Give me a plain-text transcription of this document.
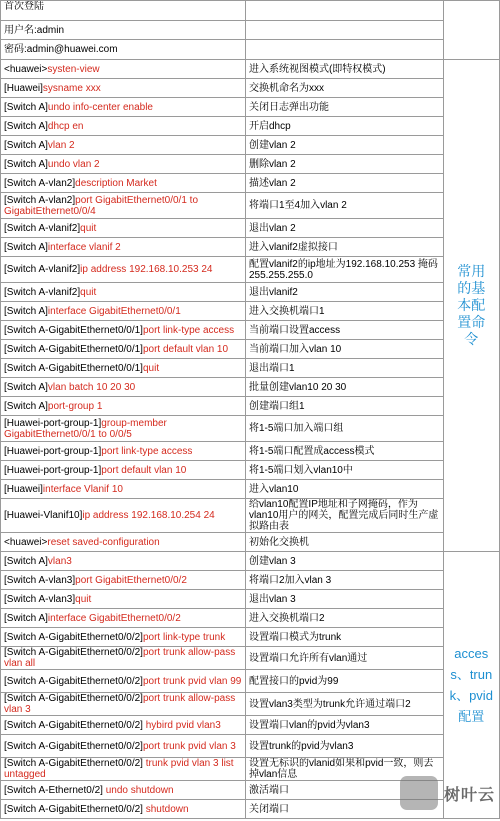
首次登陆		
用户名:admin		
密码:admin@huawei.com		
<huawei>systen-view	进入系统视图模式(即特权模式)	常用的基本配置命令

[Huawei]sysname xxx	交换机命名为xxx	
[Switch A]undo info-center enable	关闭日志弹出功能	
[Switch A]dhcp en	开启dhcp	
[Switch A]vlan 2	创建vlan 2	
[Switch A]undo vlan 2	删除vlan 2	
[Switch A-vlan2]description Market	描述vlan 2	
[Switch A-vlan2]port GigabitEthernet0/0/1 to GigabitEthernet0/0/4	将端口1至4加入vlan 2	
[Switch A-vlanif2]quit	退出vlan 2	
[Switch A]interface vlanif 2	进入vlanif2虚拟接口	
[Switch A-vlanif2]ip address 192.168.10.253 24	配置vlanif2的ip地址为192.168.10.253 掩码255.255.255.0	
[Switch A-vlanif2]quit	退出vlanif2	
[Switch A]interface GigabitEthernet0/0/1	进入交换机端口1	
[Switch A-GigabitEthernet0/0/1]port link-type access	当前端口设置access	
[Switch A-GigabitEthernet0/0/1]port default vlan 10	当前端口加入vlan 10	
[Switch A-GigabitEthernet0/0/1]quit	退出端口1	
[Switch A]vlan batch 10 20 30	批量创建vlan10 20 30	
[Switch A]port-group 1	创建端口组1	
[Huawei-port-group-1]group-member GigabitEthernet0/0/1 to 0/0/5	将1-5端口加入端口组	
[Huawei-port-group-1]port link-type access	将1-5端口配置成access模式	
[Huawei-port-group-1]port default vlan 10	将1-5端口划入vlan10中	
[Huawei]interface Vlanif 10	进入vlan10	
[Huawei-Vlanif10]ip address 192.168.10.254 24	给vlan10配置IP地址和子网掩码，作为vlan10用户的网关，配置完成后同时生产虚拟路由表	
<huawei>reset saved-configuration	初始化交换机	
[Switch A]vlan3	创建vlan 3	access、trunk、pvid配置

[Switch A-vlan3]port GigabitEthernet0/0/2	将端口2加入vlan 3	
[Switch A-vlan3]quit	退出vlan 3	
[Switch A]interface GigabitEthernet0/0/2	进入交换机端口2	
[Switch A-GigabitEthernet0/0/2]port link-type trunk	设置端口模式为trunk	
[Switch A-GigabitEthernet0/0/2]port trunk allow-pass vlan all	设置端口允许所有vlan通过	
[Switch A-GigabitEthernet0/0/2]port trunk pvid vlan 99	配置接口的pvid为99	
[Switch A-GigabitEthernet0/0/2]port trunk allow-pass vlan 3	设置vlan3类型为trunk允许通过端口2	
[Switch A-GigabitEthernet0/0/2] hybird pvid vlan3	设置端口vlan的pvid为vlan3	
[Switch A-GigabitEthernet0/0/2]port trunk pvid vlan 3	设置trunk的pvid为vlan3	
[Switch A-GigabitEthernet0/0/2] trunk pvid vlan 3 list untagged	设置无标识的vlanid如果和pvid一致，则去掉vlan信息	
[Switch A-Ethernet0/2] undo shutdown	激活端口	
[Switch A-GigabitEthernet0/0/2] shutdown	关闭端口	
树叶云
